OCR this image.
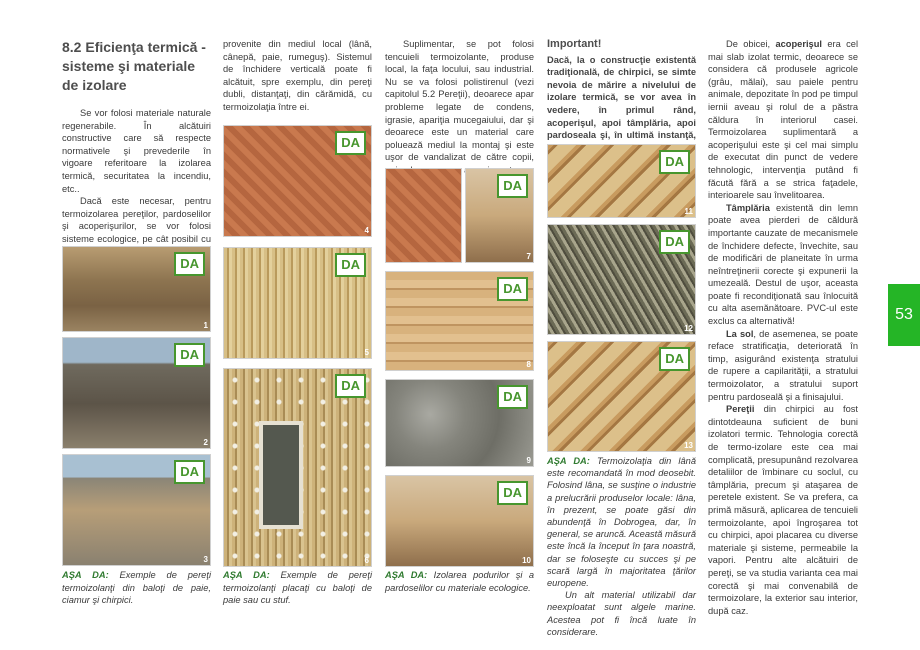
8.2 Eficienţa termică - sisteme şi materiale de izolare

Se vor folosi materiale naturale regenerabile. În alcătuiri constructive care să respecte normativele şi prevederile în vigoare referitoare la izolarea termică, securitatea la incendiu, etc..

Dacă este necesar, pentru termoizolarea pereţilor, pardoselilor şi acoperişurilor, se vor folosi sisteme ecologice, pe cât posibil cu

DA
1
DA
2
DA
3
AŞA DA: Exemple de pereţi termoizolanţi din baloţi de paie, ciamur şi chirpici.

provenite din mediul local (lână, cânepă, paie, rumeguş). Sistemul de închidere verticală poate fi alcătuit, spre exemplu, din pereţi dubli, distanţaţi, din cărămidă, cu termoizolaţia între ei.

DA
4
DA
5
DA
6
AŞA DA: Exemple de pereţi termoizolanţi placaţi cu baloţi de paie sau cu stuf.

Suplimentar, se pot folosi tencuieli termoizolante, produse local, la faţa locului, sau industrial. Nu se va folosi polistirenul (vezi capitolul 5.2 Pereţii), deoarece apar probleme legate de condens, igrasie, apariţia mucegaiului, dar şi deoarece este un material care poluează mediul la montaj şi este uşor de vandalizat de către copii,

DA
7
DA
8
DA
9
DA
10
AŞA DA: Izolarea podurilor şi a pardoselilor cu materiale ecologice.
Important!

Dacă, la o construcţie existentă tradiţională, de chirpici, se simte nevoia de mărire a nivelului de izolare termică, se vor avea în vedere, în primul rând, acoperişul, apoi tâmplăria, apoi pardoseala şi, în ultimă instanţă,

DA
11
DA
12
DA
13

AŞA DA: Termoizolaţia din lână este recomandată în mod deosebit. Folosind lâna, se susţine o industrie a prelucrării produselor locale: lâna, în prezent, se poate găsi din abundenţă în Dobrogea, dar, în general, se aruncă. Această măsură este încă la început în ţara noastră, dar se foloseşte cu succes şi pe scară largă în majoritatea ţărilor europene.

Un alt material utilizabil dar neexploatat sunt algele marine. Acestea pot fi încă luate în considerare.

De obicei, acoperişul era cel mai slab izolat termic, deoarece se considera că produsele agricole (grâu, mălai), sau paiele pentru animale, depozitate în pod pe timpul iernii aveau şi rolul de a păstra căldura în interiorul casei. Termoizolarea suplimentară a acoperişului este şi cel mai simplu de executat din punct de vedere tehnologic, intervenţia putând fi făcută fără a se strica faţadele, interioarele sau învelitoarea.

Tâmplăria existentă din lemn poate avea pierderi de căldură importante cauzate de mecanismele de închidere defecte, învechite, sau de modificări de planeitate în urma neîntreţinerii corecte şi expunerii la umezeală. Destul de uşor, aceasta poate fi recondiţionată sau înlocuită cu alta asemănătoare. PVC-ul este exclus ca alternativă!

La sol, de asemenea, se poate reface stratificaţia, deteriorată în timp, asigurând existenţa stratului de rupere a capilarităţii, a stratului termoizolator, a stratului suport pentru pardoseală şi a finisajului.

Pereţii din chirpici au fost dintotdeauna suficient de buni izolatori termic. Tehnologia corectă de termo-izolare este cea mai complicată, presupunând rezolvarea detaliilor de îmbinare cu soclul, cu tâmplăria, precum şi ataşarea de peretele existent. Se va prefera, ca primă măsură, aplicarea de tencuieli termoizolante, apoi îngroşarea tot cu chirpici, apoi placarea cu diverse materiale şi sisteme, permeabile la vapori. Pentru alte alcătuiri de pereţi, se va studia varianta cea mai corectă şi mai convenabilă de termoizolare, la exterior sau interior, după caz.

53
